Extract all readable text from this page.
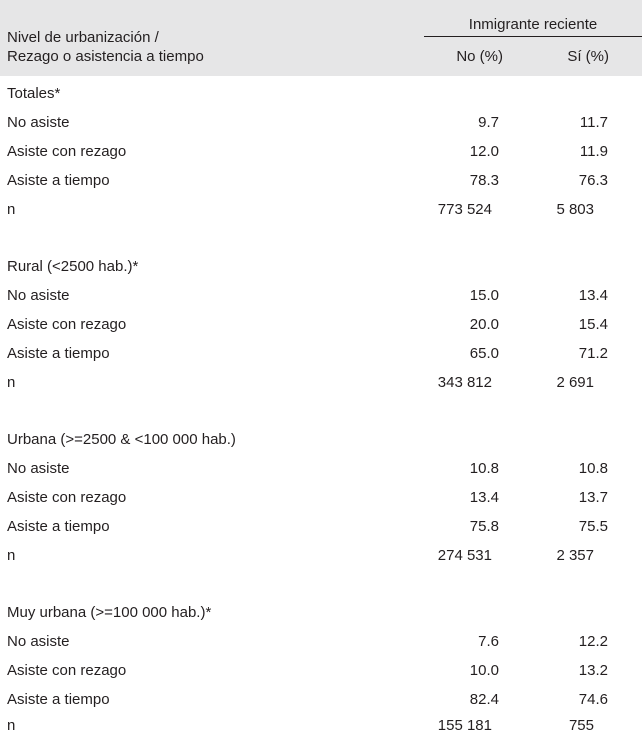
Nivel de urbanización /
Rezago o asistencia a tiempo
Inmigrante reciente
No (%)	Sí (%)
Totales*
No asiste	9.7	11.7
Asiste con rezago	12.0	11.9
Asiste a tiempo	78.3	76.3
n	773 524	5 803
Rural (<2500 hab.)*
No asiste	15.0	13.4
Asiste con rezago	20.0	15.4
Asiste a tiempo	65.0	71.2
n	343 812	2 691
Urbana (>=2500 & <100 000 hab.)
No asiste	10.8	10.8
Asiste con rezago	13.4	13.7
Asiste a tiempo	75.8	75.5
n	274 531	2 357
Muy urbana (>=100 000 hab.)*
No asiste	7.6	12.2
Asiste con rezago	10.0	13.2
Asiste a tiempo	82.4	74.6
n	155 181	755
